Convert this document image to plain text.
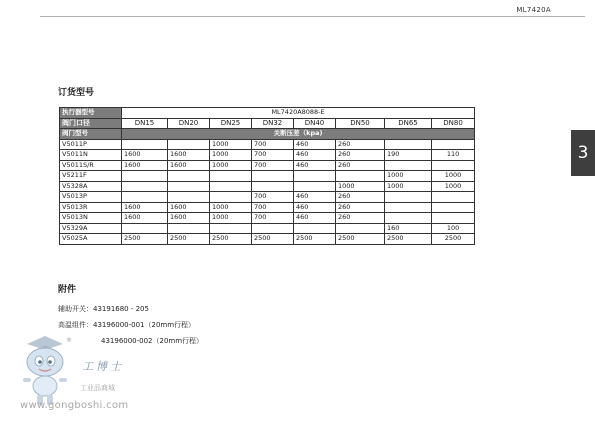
ML7420A
3
订货型号
执行器型号	ML7420A8088-E							
阀门口径	DN15	DN20	DN25	DN32	DN40	DN50	DN65	DN80
阀门型号	关断压差（kpa)							
V5011P			1000	700	460	260		
V5011N	1600	1600	1000	700	460	260	190	110
V5011S/R	1600	1600	1000	700	460	260		
V5211F							1000	1000
V5328A						1000	1000	1000
V5013P				700	460	260		
V5013R	1600	1600	1000	700	460	260		
V5013N	1600	1600	1000	700	460	260		
V5329A							160	100
V5025A	2500	2500	2500	2500	2500	2500	2500	2500
附件
辅助开关：43191680 - 205
高温组件：43196000-001（20mm行程）
43196000-002（20mm行程）
®
工博士
工业品商城
www.gongboshi.com
